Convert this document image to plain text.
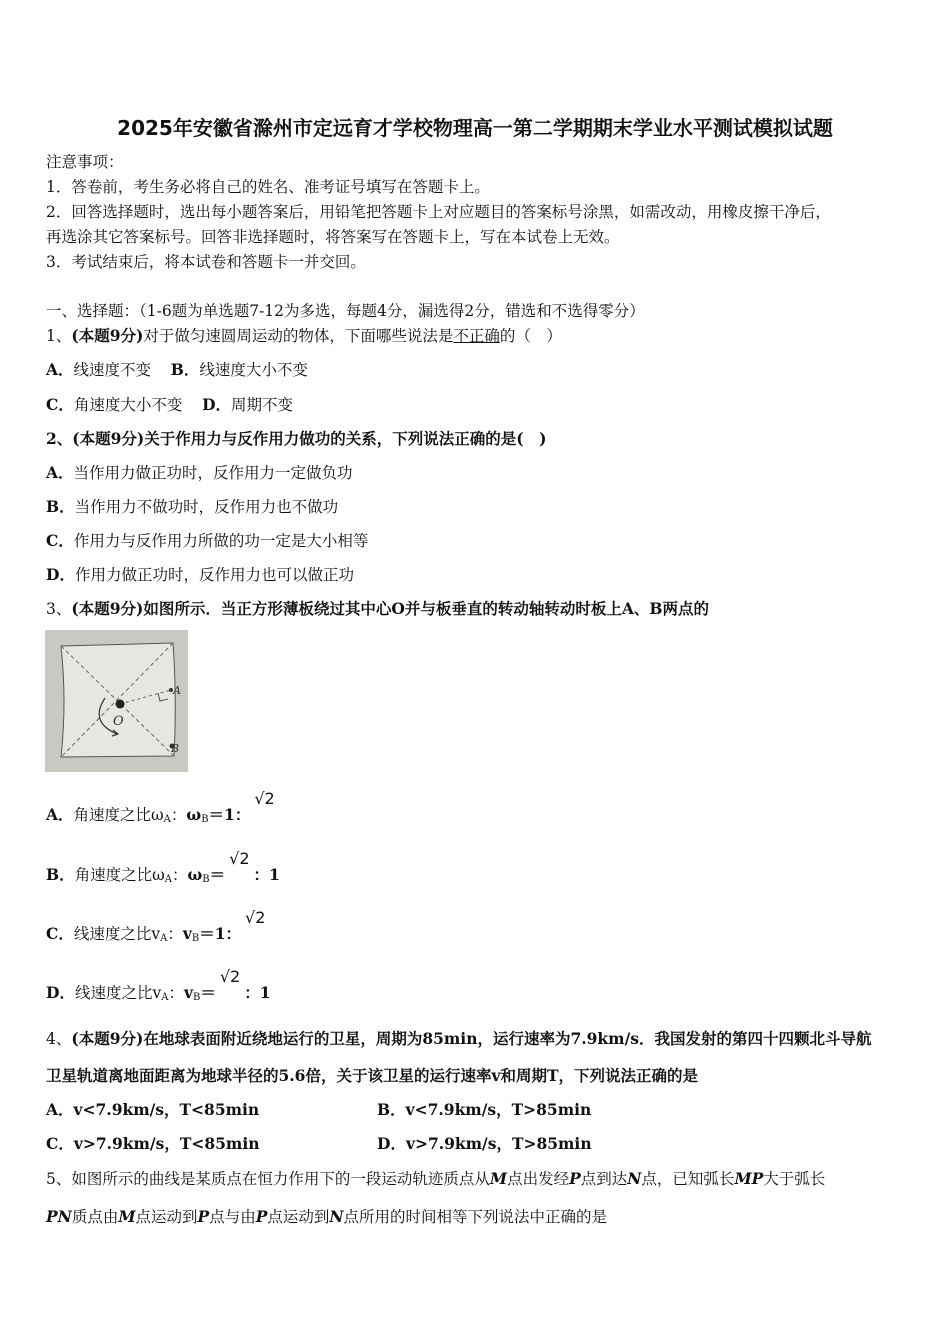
2025年安徽省滁州市定远育才学校物理高一第二学期期末学业水平测试模拟试题
注意事项：
1．答卷前，考生务必将自己的姓名、准考证号填写在答题卡上。
2．回答选择题时，选出每小题答案后，用铅笔把答题卡上对应题目的答案标号涂黑，如需改动，用橡皮擦干净后，
再选涂其它答案标号。回答非选择题时，将答案写在答题卡上，写在本试卷上无效。
3．考试结束后，将本试卷和答题卡一并交回。
一、选择题：（1-6题为单选题7-12为多选，每题4分，漏选得2分，错选和不选得零分）
1、(本题9分)对于做匀速圆周运动的物体，下面哪些说法是不正确的（　）
A．线速度不变 B．线速度大小不变
C．角速度大小不变 D．周期不变
2、(本题9分)关于作用力与反作用力做功的关系，下列说法正确的是(　)
A．当作用力做正功时，反作用力一定做负功
B．当作用力不做功时，反作用力也不做功
C．作用力与反作用力所做的功一定是大小相等
D．作用力做正功时，反作用力也可以做正功
3、(本题9分)如图所示．当正方形薄板绕过其中心O并与板垂直的转动轴转动时板上A、B两点的
A
B
O
A．角速度之比$\omega_A$：$\omega_B=1$：√2
B．角速度之比$\omega_A$：$\omega_B=√2$：1
C．线速度之比$v_A$：$v_B=1$：√2
D．线速度之比$v_A$：$v_B=√2$：1
4、(本题9分)在地球表面附近绕地运行的卫星，周期为85min，运行速率为7.9km/s．我国发射的第四十四颗北斗导航
卫星轨道离地面距离为地球半径的5.6倍，关于该卫星的运行速率v和周期T，下列说法正确的是
A．v<7.9km/s，T<85min	B．v<7.9km/s，T>85min
C．v>7.9km/s，T<85min	D．v>7.9km/s，T>85min
5、如图所示的曲线是某质点在恒力作用下的一段运动轨迹质点从M点出发经P点到达N点，已知弧长MP大于弧长
PN质点由M点运动到P点与由P点运动到N点所用的时间相等下列说法中正确的是
